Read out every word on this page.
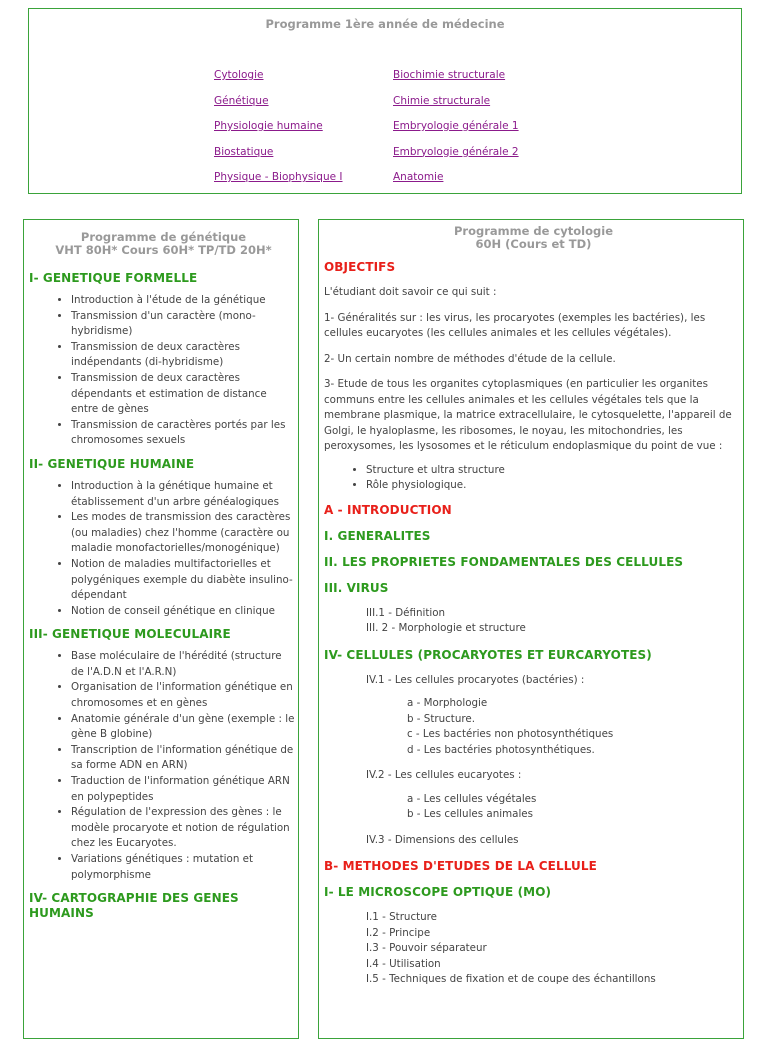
Programme 1ère année de médecine
Cytologie
Génétique
Physiologie humaine
Biostatique
Physique - Biophysique I
Biochimie structurale
Chimie structurale
Embryologie générale 1
Embryologie générale 2
Anatomie
Programme de génétique
VHT 80H* Cours 60H* TP/TD 20H*
I- GENETIQUE FORMELLE
• Introduction à l'étude de la génétique
• Transmission d'un caractère (mono-hybridisme)
• Transmission de deux caractères indépendants (di-hybridisme)
• Transmission de deux caractères dépendants et estimation de distance entre de gènes
• Transmission de caractères portés par les chromosomes sexuels
II- GENETIQUE HUMAINE
• Introduction à la génétique humaine et établissement d'un arbre généalogiques
• Les modes de transmission des caractères (ou maladies) chez l'homme (caractère ou maladie monofactorielles/monogénique)
• Notion de maladies multifactorielles et polygéniques exemple du diabète insulino-dépendant
• Notion de conseil génétique en clinique
III- GENETIQUE MOLECULAIRE
• Base moléculaire de l'hérédité (structure de l'A.D.N et l'A.R.N)
• Organisation de l'information génétique en chromosomes et en gènes
• Anatomie générale d'un gène (exemple : le gène B globine)
• Transcription de l'information génétique de sa forme ADN en ARN)
• Traduction de l'information génétique ARN en polypeptides
• Régulation de l'expression des gènes : le modèle procaryote et notion de régulation chez les Eucaryotes.
• Variations génétiques : mutation et polymorphisme
IV- CARTOGRAPHIE DES GENES HUMAINS
Programme de cytologie
60H (Cours et TD)
OBJECTIFS

L'étudiant doit savoir ce qui suit :

1- Généralités sur : les virus, les procaryotes (exemples les bactéries), les cellules eucaryotes (les cellules animales et les cellules végétales).

2- Un certain nombre de méthodes d'étude de la cellule.

3- Etude de tous les organites cytoplasmiques (en particulier les organites communs entre les cellules animales et les cellules végétales tels que la membrane plasmique, la matrice extracellulaire, le cytosquelette, l'appareil de Golgi, le hyaloplasme, les ribosomes, le noyau, les mitochondries, les peroxysomes, les lysosomes et le réticulum endoplasmique du point de vue :

• Structure et ultra structure
• Rôle physiologique.
A - INTRODUCTION
I. GENERALITES
II. LES PROPRIETES FONDAMENTALES DES CELLULES
III. VIRUS
III.1 - Définition
III. 2 - Morphologie et structure
IV- CELLULES (PROCARYOTES ET EURCARYOTES)
IV.1 - Les cellules procaryotes (bactéries) :
a - Morphologie
b - Structure.
c - Les bactéries non photosynthétiques
d - Les bactéries photosynthétiques.
IV.2 - Les cellules eucaryotes :
a - Les cellules végétales
b - Les cellules animales
IV.3 - Dimensions des cellules
B- METHODES D'ETUDES DE LA CELLULE
I- LE MICROSCOPE OPTIQUE (MO)
I.1 - Structure
I.2 - Principe
I.3 - Pouvoir séparateur
I.4 - Utilisation
I.5 - Techniques de fixation et de coupe des échantillons
